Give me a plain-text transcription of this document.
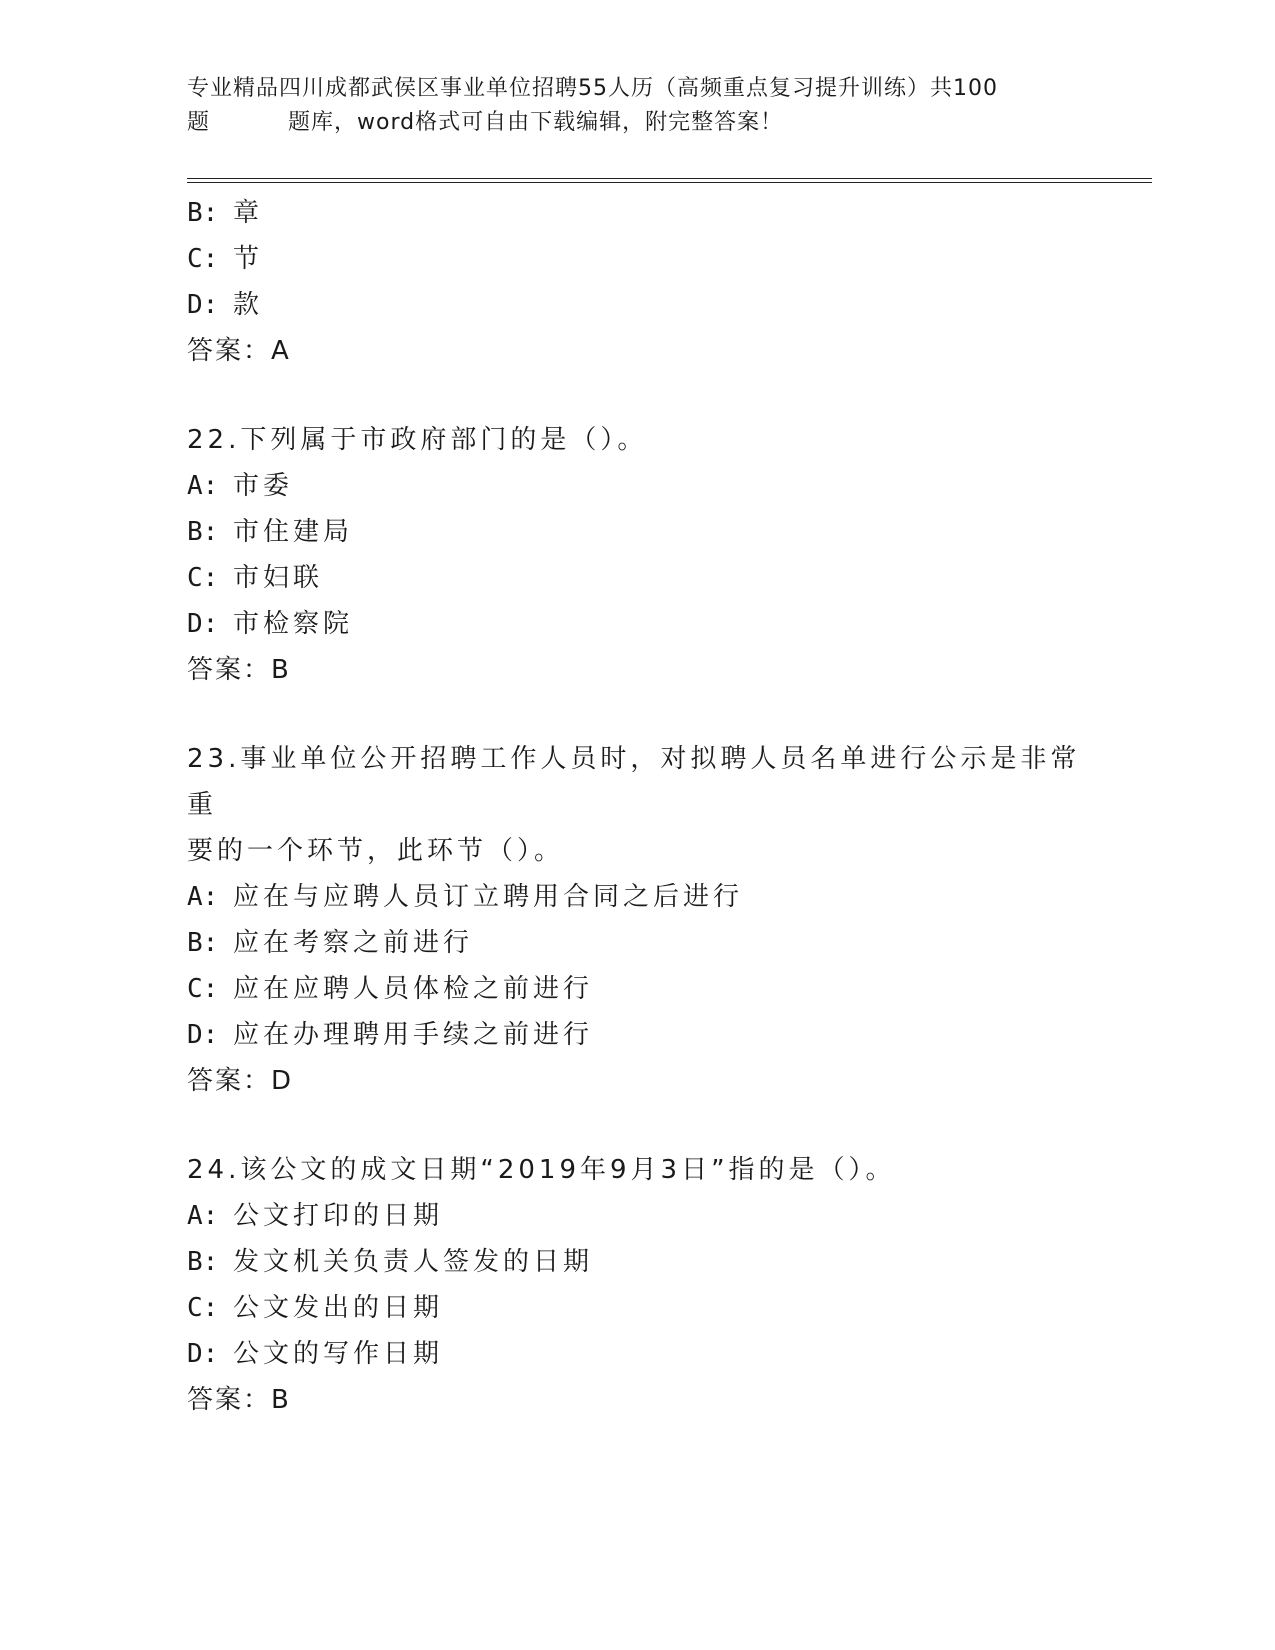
专业精品四川成都武侯区事业单位招聘55人历（高频重点复习提升训练）共100
题	题库，word格式可自由下载编辑，附完整答案！
B: 章
C: 节
D: 款
答案：A
22.下列属于市政府部门的是（）。
A: 市委
B: 市住建局
C: 市妇联
D: 市检察院
答案：B
23.事业单位公开招聘工作人员时，对拟聘人员名单进行公示是非常重
要的一个环节，此环节（）。
A: 应在与应聘人员订立聘用合同之后进行
B: 应在考察之前进行
C: 应在应聘人员体检之前进行
D: 应在办理聘用手续之前进行
答案：D
24.该公文的成文日期“2019年9月3日”指的是（）。
A: 公文打印的日期
B: 发文机关负责人签发的日期
C: 公文发出的日期
D: 公文的写作日期
答案：B
